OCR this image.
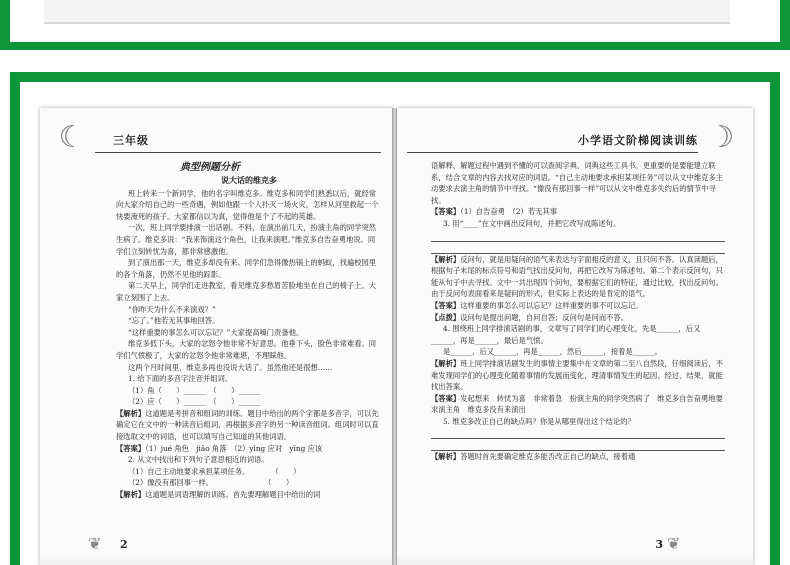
☾	三年级
典型例题分析

说大话的维克多

班上转来一个新同学，他的名字叫维克多。维克多和同学们熟悉以后，就经常向大家介绍自己的一些奇遇，例如他跟一个人扑灭一场火灾，怎样从河里救起一个快要淹死的孩子。大家都信以为真，觉得他是个了不起的英雄。

一次，班上同学要排演一出话剧。不料，在演出前几天，扮演主角的同学突然生病了。维克多说：“我来饰演这个角色，让我来演吧。”维克多自告奋勇地说。同学们立刻转忧为喜，都非常感激他。

到了演出那一天，维克多却没有来。同学们急得像热锅上的蚂蚁，找遍校园里的各个角落，仍然不见他的踪影。

第二天早上，同学们走进教室，看见维克多愁眉苦脸地坐在自己的椅子上。大家立刻围了上去。

“你昨天为什么不来演戏？”

“忘了。”他若无其事地回答。

“这样重要的事怎么可以忘记？”大家提高嗓门责备他。

维克多低下头，大家的忿怒令他非常不好意思。他垂下头，脸色非常难看。同学们气愤极了，大家的忿怒令他非常难堪，不理睬他。

这两个月时间里，维克多再也没说大话了。虽然他还是很想……

1. 给下面的多音字注音并组词。

（1）角（　　）______　（　　）______

（2）应（　　）______　（　　）______

【解析】这道题是考拼音和组词的训练。题目中给出的两个字都是多音字，可以先确定它在文中的一种读音后组词，再根据多音字的另一种读音组词。组词时可以直接选取文中的词语，也可以填写自己知道的其他词语。

【答案】（1）jué 角色　jiǎo 角落　（2）yìng 应对　yīng 应该

2. 从文中找出和下列句子意思相近的词语。

（1）自己主动地要求承担某项任务。　　　　（　　）

（2）像没有那回事一样。　　　　　　　　（　　）

【解析】这道题是词语理解的训练。首先要理解题目中给出的词

❦	2
☽
小学语文阶梯阅读训练

语解释，解题过程中遇到不懂的可以查阅字典、词典这些工具书。更重要的是要能建立联系，结合文章的内容去找对应的词语。“自己主动地要求承担某项任务”可以从文中维克多主动要求去演主角的情节中寻找。“像没有那回事一样”可以从文中维克多失约后的情节中寻找。

【答案】（1）自告奋勇　（2）若无其事

3. 用“____”在文中画出反问句，并把它改写成陈述句。

【解析】反问句，就是用疑问的语气来表达与字面相反的意义，且只问不答。认真读题后，根据句子末尾的标点符号和语气找出反问句，再把它改写为陈述句。第二个表示反问句，只能从句子中去寻找。文中一共出现四个问句，要根据它们的特征，通过比较，找出反问句。由于反问句表面看来是疑问的形式，但实际上表达的是肯定的语气。

【答案】这样重要的事怎么可以忘记？这样重要的事不可以忘记。

【点拨】设问句是提出问题，自问自答；反问句是问而不答。

4. 围绕班上同学排演话剧的事，文章写了同学们的心理变化，先是______，后又______，再是______，最后是气愤。

是______，后又______，再是______，然后______，接着是______。

【解析】班上同学排演话剧发生的事情主要集中在文章的第二至八自然段，仔细阅读后，不难发现同学们的心理变化随着事情的发展而变化，理清事情发生的起因、经过、结果，就能找出答案。

【答案】发起想来　转忧为喜　非常着急　扮演主角的同学突然病了　维克多自告奋勇地要求演主角　维克多没有来演出

5. 维克多改正自己的缺点吗？你是从哪里得出这个结论的？

【解析】答题时首先要确定维克多能否改正自己的缺点，接着通

3 ❦
